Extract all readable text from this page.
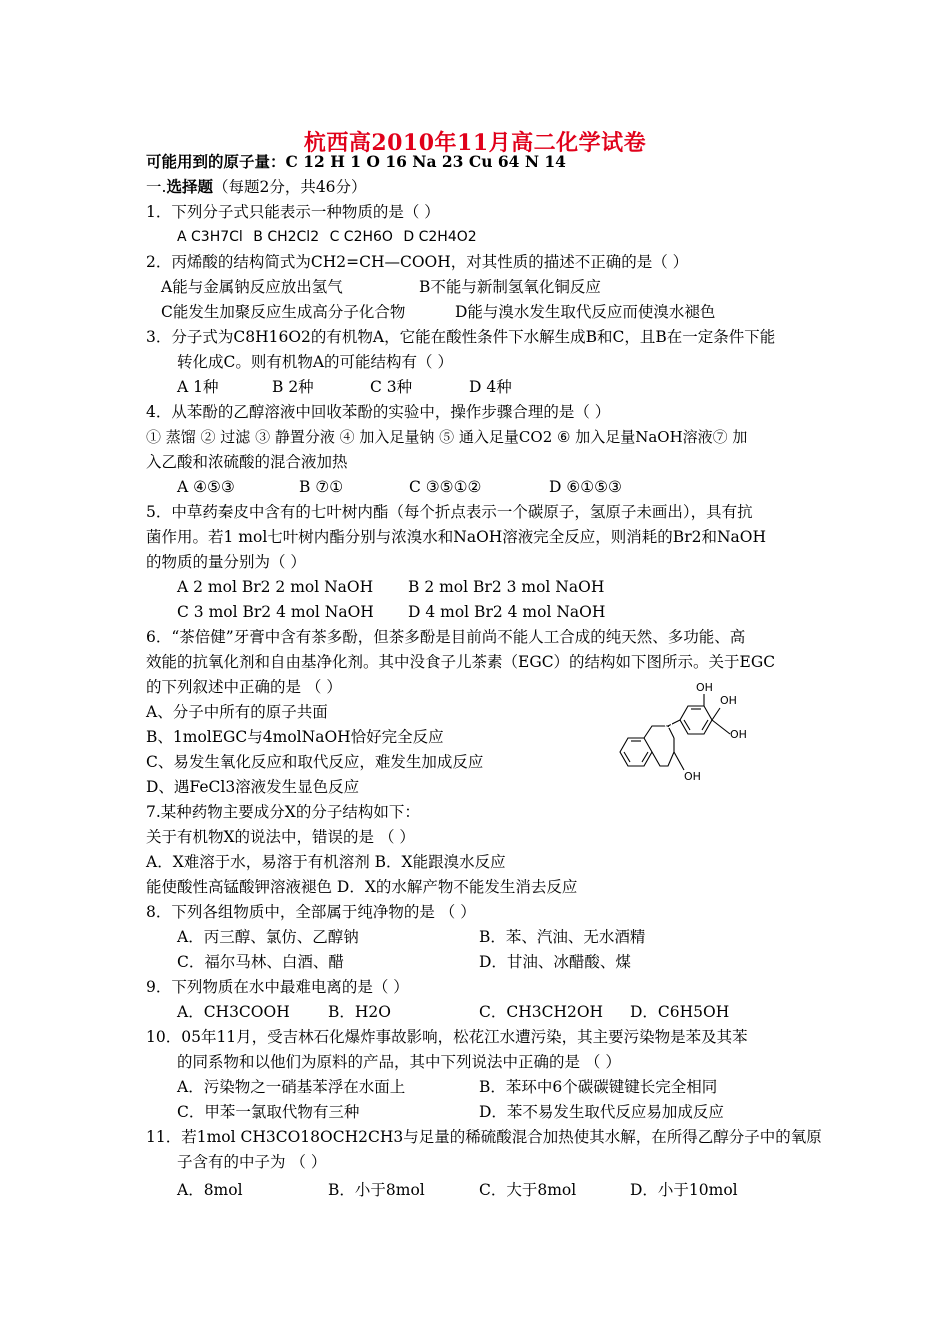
杭西高2010年11月高二化学试卷
可能用到的原子量：C 12 H 1 O 16 Na 23 Cu 64 N 14
一.选择题（每题2分，共46分）
1．下列分子式只能表示一种物质的是（ ）
A C3H7Cl B CH2Cl2 C C2H6O D C2H4O2
2．丙烯酸的结构简式为CH2=CH—COOH，对其性质的描述不正确的是（ ）
A能与金属钠反应放出氢气	B不能与新制氢氧化铜反应
C能发生加聚反应生成高分子化合物	D能与溴水发生取代反应而使溴水褪色
3．分子式为C8H16O2的有机物A，它能在酸性条件下水解生成B和C，且B在一定条件下能
转化成C。则有机物A的可能结构有（ ）
A 1种	B 2种	C 3种	D 4种
4．从苯酚的乙醇溶液中回收苯酚的实验中，操作步骤合理的是（ ）
① 蒸馏 ② 过滤 ③ 静置分液 ④ 加入足量钠 ⑤ 通入足量CO2 ⑥ 加入足量NaOH溶液⑦ 加
入乙酸和浓硫酸的混合液加热
A ④⑤③	B ⑦①	C ③⑤①②	D ⑥①⑤③
5．中草药秦皮中含有的七叶树内酯（每个折点表示一个碳原子，氢原子未画出），具有抗
菌作用。若1 mol七叶树内酯分别与浓溴水和NaOH溶液完全反应，则消耗的Br2和NaOH
的物质的量分别为（ ）
A 2 mol Br2 2 mol NaOH B 2 mol Br2 3 mol NaOH
C 3 mol Br2 4 mol NaOH D 4 mol Br2 4 mol NaOH
6．“茶倍健”牙膏中含有茶多酚，但茶多酚是目前尚不能人工合成的纯天然、多功能、高
效能的抗氧化剂和自由基净化剂。其中没食子儿茶素（EGC）的结构如下图所示。关于EGC
的下列叙述中正确的是 （ ）
A、分子中所有的原子共面
B、1molEGC与4molNaOH恰好完全反应
C、易发生氧化反应和取代反应，难发生加成反应
D、遇FeCl3溶液发生显色反应
O
OH
OH
OH
OH
7.某种药物主要成分X的分子结构如下：
关于有机物X的说法中，错误的是 （ ）
A．X难溶于水，易溶于有机溶剂 B．X能跟溴水反应
能使酸性高锰酸钾溶液褪色 D．X的水解产物不能发生消去反应
8．下列各组物质中，全部属于纯净物的是 （ ）
A．丙三醇、氯仿、乙醇钠	B．苯、汽油、无水酒精
C．福尔马林、白酒、醋	D．甘油、冰醋酸、煤
9．下列物质在水中最难电离的是（ ）
A．CH3COOH B．H2O	C．CH3CH2OH D．C6H5OH
10．05年11月，受吉林石化爆炸事故影响，松花江水遭污染，其主要污染物是苯及其苯
的同系物和以他们为原料的产品，其中下列说法中正确的是 （ ）
A．污染物之一硝基苯浮在水面上	B．苯环中6个碳碳键键长完全相同
C．甲苯一氯取代物有三种	D．苯不易发生取代反应易加成反应
11．若1mol CH3CO18OCH2CH3与足量的稀硫酸混合加热使其水解，在所得乙醇分子中的氧原
子含有的中子为 （ ）
A．8mol	B．小于8mol	C．大于8mol	D．小于10mol
